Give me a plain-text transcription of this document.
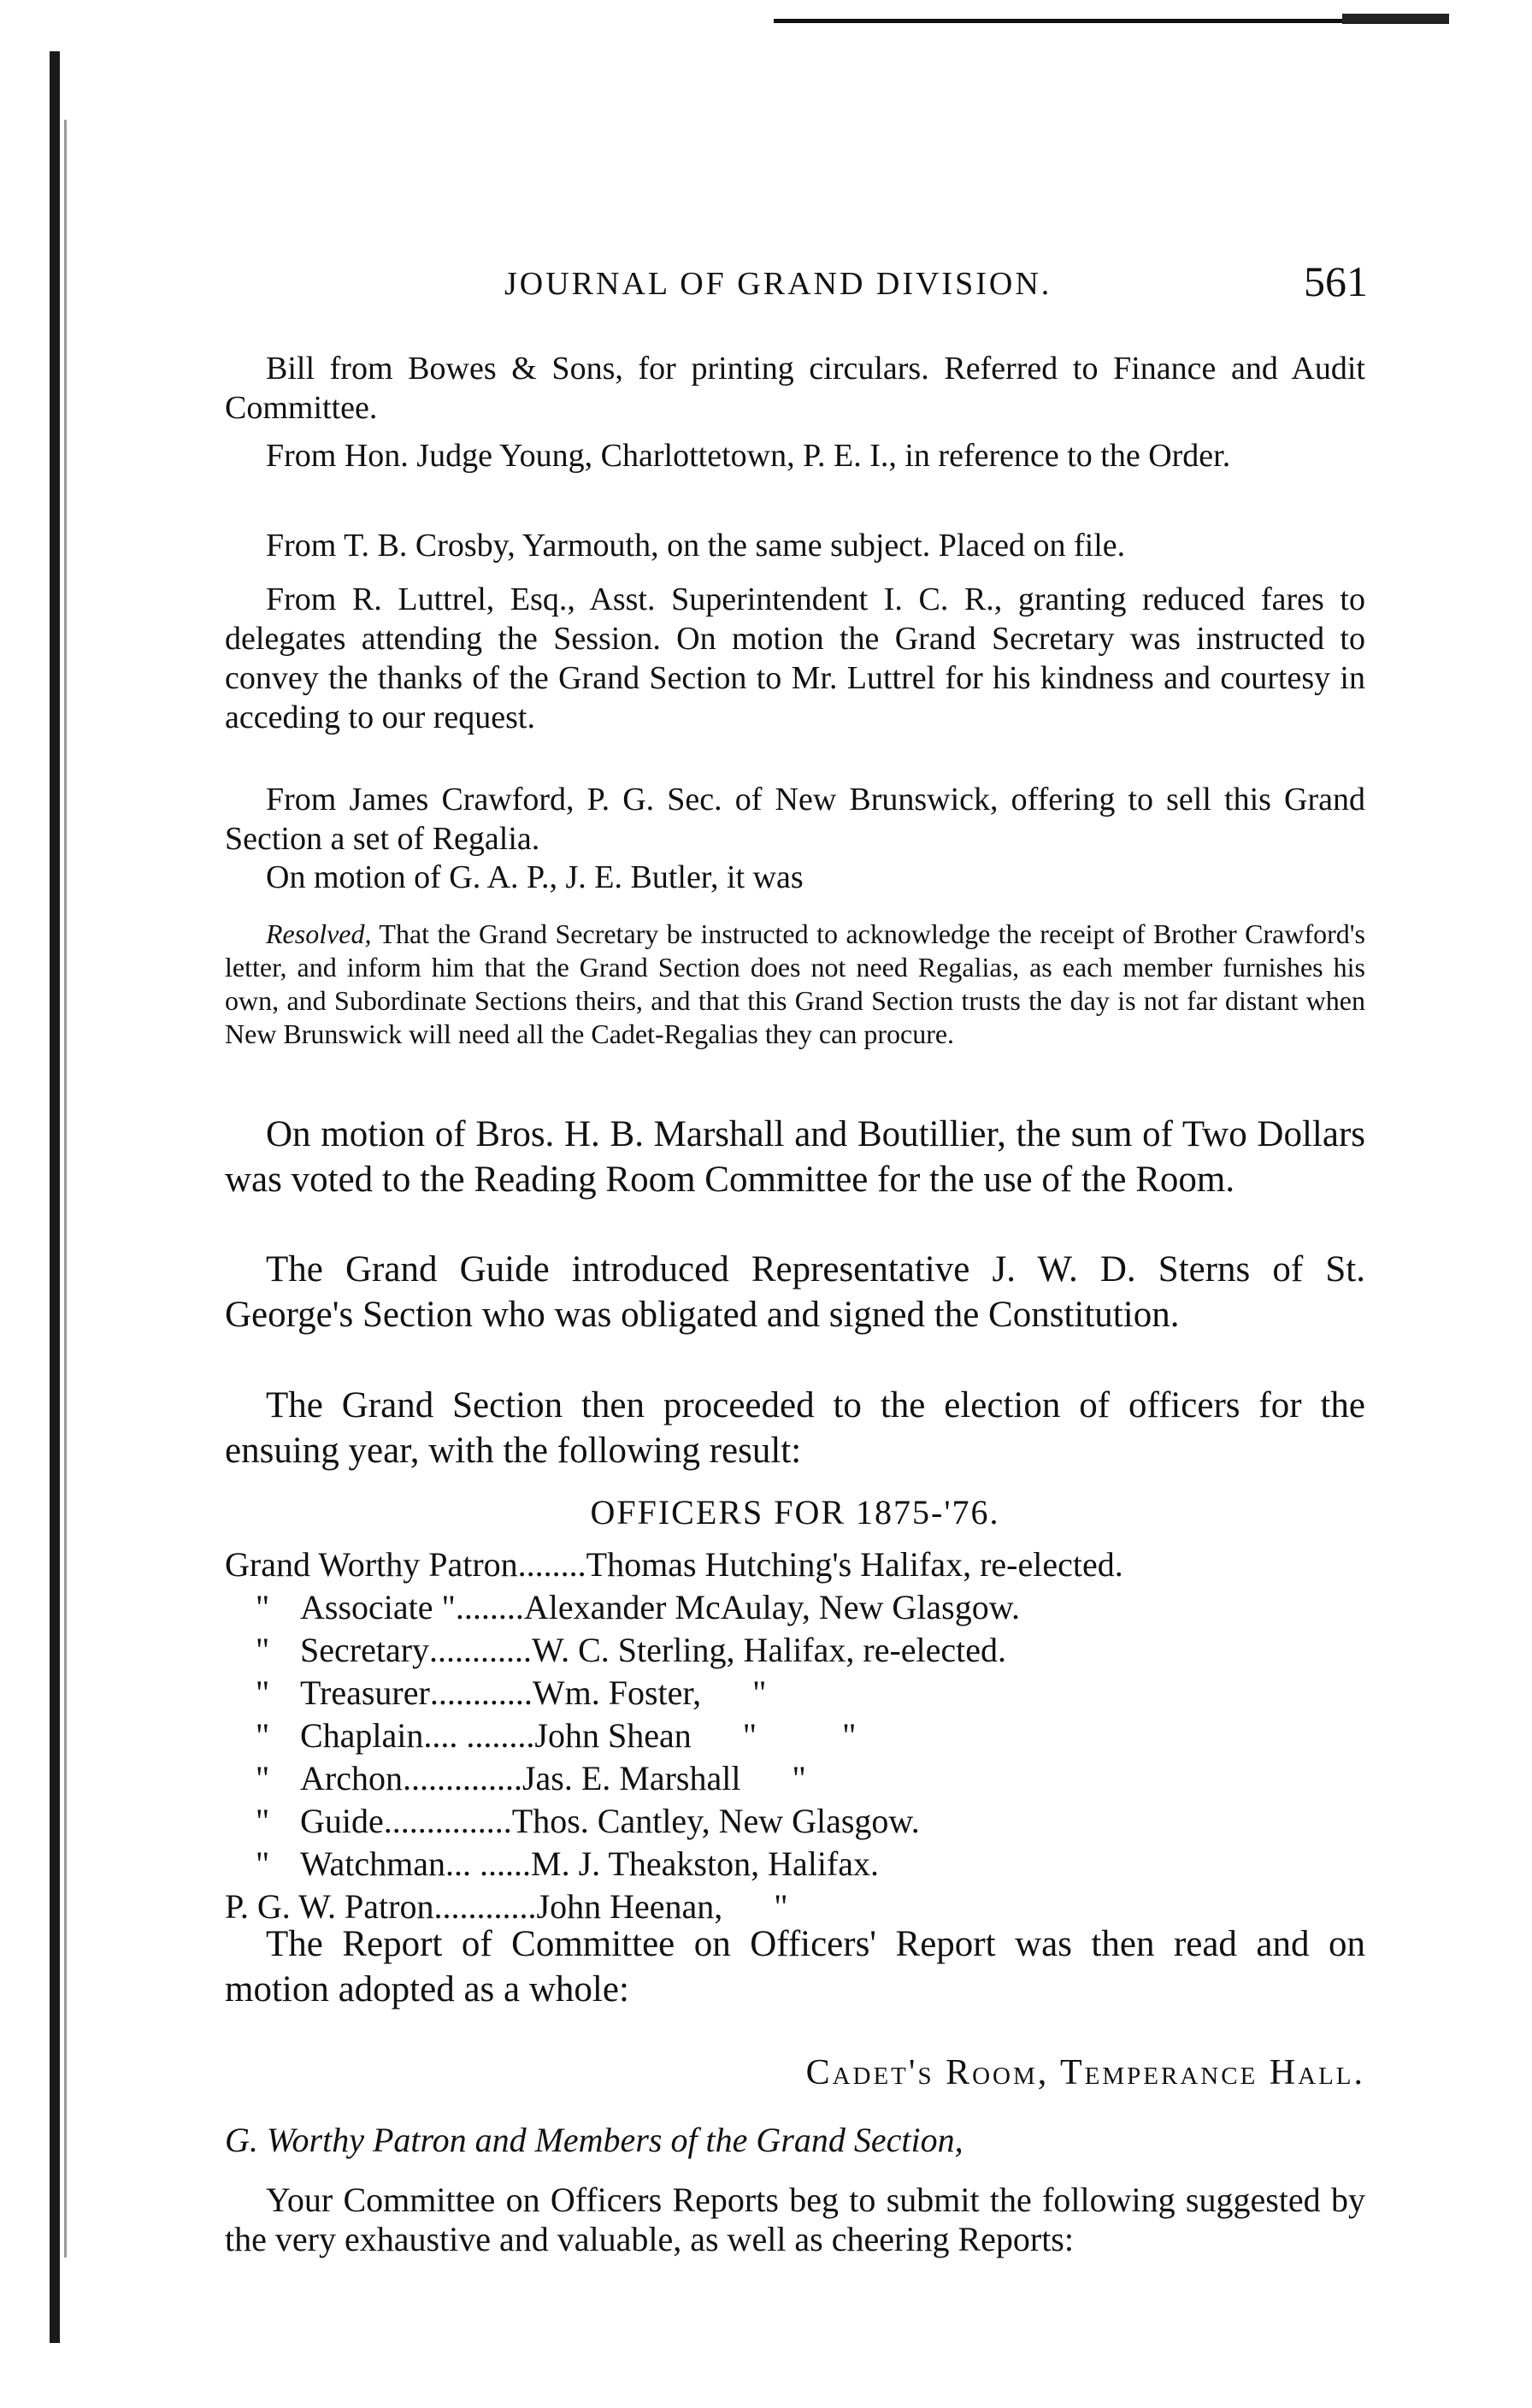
JOURNAL OF GRAND DIVISION.	561

Bill from Bowes & Sons, for printing circulars. Referred to Finance and Audit Committee.

From Hon. Judge Young, Charlottetown, P. E. I., in reference to the Order.

From T. B. Crosby, Yarmouth, on the same subject. Placed on file.

From R. Luttrel, Esq., Asst. Superintendent I. C. R., granting reduced fares to delegates attending the Session. On motion the Grand Secretary was instructed to convey the thanks of the Grand Section to Mr. Luttrel for his kindness and courtesy in acceding to our request.

From James Crawford, P. G. Sec. of New Brunswick, offering to sell this Grand Section a set of Regalia.

On motion of G. A. P., J. E. Butler, it was

Resolved, That the Grand Secretary be instructed to acknowledge the receipt of Brother Crawford's letter, and inform him that the Grand Section does not need Regalias, as each member furnishes his own, and Subordinate Sections theirs, and that this Grand Section trusts the day is not far distant when New Brunswick will need all the Cadet-Regalias they can procure.

On motion of Bros. H. B. Marshall and Boutillier, the sum of Two Dollars was voted to the Reading Room Committee for the use of the Room.

The Grand Guide introduced Representative J. W. D. Sterns of St. George's Section who was obligated and signed the Constitution.

The Grand Section then proceeded to the election of officers for the ensuing year, with the following result:

OFFICERS FOR 1875-'76.
Grand Worthy Patron ........ Thomas Hutching's Halifax, re-elected.
" Associate " ........ Alexander McAulay, New Glasgow.
" Secretary ............ W. C. Sterling, Halifax, re-elected.
" Treasurer ............ Wm. Foster, "
" Chaplain .... ........ John Shean "          "
" Archon .............. Jas. E. Marshall "
" Guide ............... Thos. Cantley, New Glasgow.
" Watchman ... ...... M. J. Theakston, Halifax.
P. G. W. Patron ............ John Heenan, "

The Report of Committee on Officers' Report was then read and on motion adopted as a whole:

Cadet's Room, Temperance Hall.

G. Worthy Patron and Members of the Grand Section,

Your Committee on Officers Reports beg to submit the following suggested by the very exhaustive and valuable, as well as cheering Reports:
